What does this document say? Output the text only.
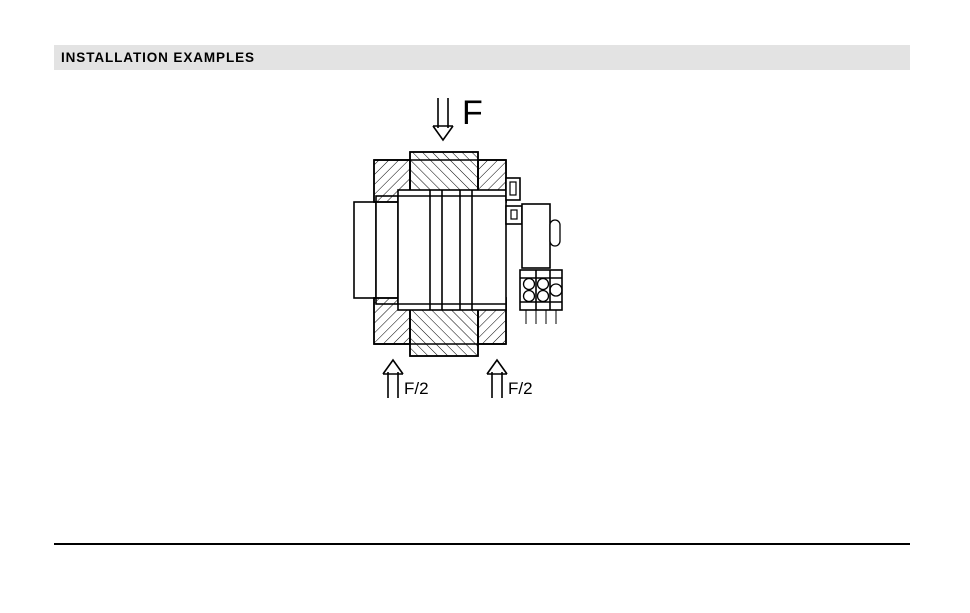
INSTALLATION EXAMPLES
F
F/2	F/2
